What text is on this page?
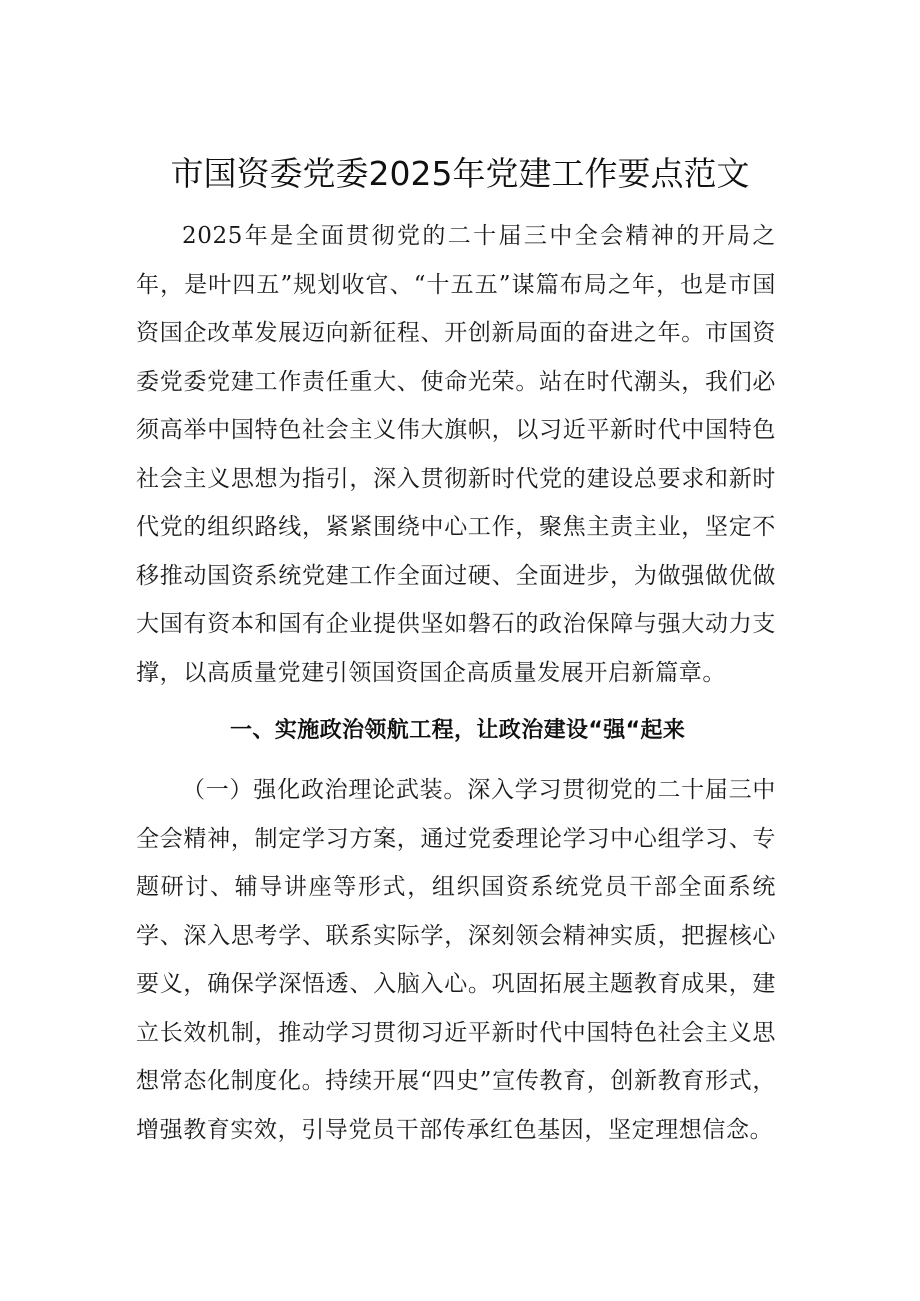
市国资委党委2025年党建工作要点范文

2025年是全面贯彻党的二十届三中全会精神的开局之年，是叶四五”规划收官、“十五五”谋篇布局之年，也是市国资国企改革发展迈向新征程、开创新局面的奋进之年。市国资委党委党建工作责任重大、使命光荣。站在时代潮头，我们必须高举中国特色社会主义伟大旗帜，以习近平新时代中国特色社会主义思想为指引，深入贯彻新时代党的建设总要求和新时代党的组织路线，紧紧围绕中心工作，聚焦主责主业，坚定不移推动国资系统党建工作全面过硬、全面进步，为做强做优做大国有资本和国有企业提供坚如磐石的政治保障与强大动力支撑，以高质量党建引领国资国企高质量发展开启新篇章。

一、实施政治领航工程，让政治建设“强“起来

（一）强化政治理论武装。深入学习贯彻党的二十届三中全会精神，制定学习方案，通过党委理论学习中心组学习、专题研讨、辅导讲座等形式，组织国资系统党员干部全面系统学、深入思考学、联系实际学，深刻领会精神实质，把握核心要义，确保学深悟透、入脑入心。巩固拓展主题教育成果，建立长效机制，推动学习贯彻习近平新时代中国特色社会主义思想常态化制度化。持续开展“四史”宣传教育，创新教育形式，增强教育实效，引导党员干部传承红色基因，坚定理想信念。
